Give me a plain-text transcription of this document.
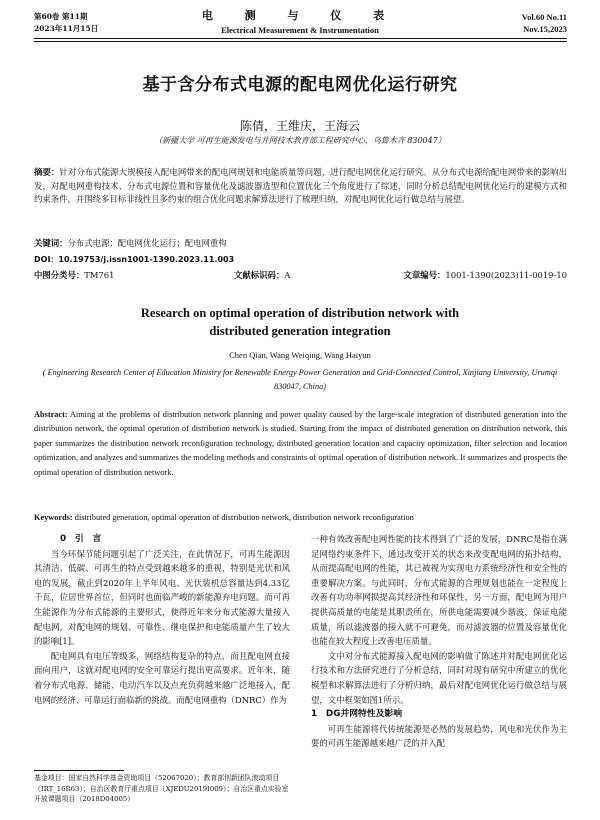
第60卷 第11期
2023年11月15日
电 测 与 仪 表
Electrical Measurement & Instrumentation
Vol.60 No.11
Nov.15,2023
基于含分布式电源的配电网优化运行研究
陈倩，王维庆，王海云
（新疆大学 可再生能源发电与并网技术教育部工程研究中心，乌鲁木齐 830047）
摘要：针对分布式能源大规模接入配电网带来的配电网规划和电能质量等问题，进行配电网优化运行研究。从分布式电源给配电网带来的影响出发，对配电网重构技术、分布式电源位置和容量优化及滤波器选型和位置优化三个角度进行了综述，同时分析总结配电网优化运行的建模方式和约束条件，并围绕多目标非线性且多约束的组合优化问题求解算法进行了梳理归纳，对配电网优化运行做总结与展望。
关键词：分布式电源；配电网优化运行；配电网重构
DOI：10.19753/j.issn1001-1390.2023.11.003
中图分类号：TM761	文献标识码：A	文章编号：1001-1390(2023)11-0019-10
Research on optimal operation of distribution network with
distributed generation integration
Chen Qian, Wang Weiqing, Wang Haiyun
( Engineering Research Center of Education Ministry for Renewable Energy Power Generation and Grid-Connected Control, Xinjiang University, Urumqi 830047, China)
Abstract: Aiming at the problems of distribution network planning and power quality caused by the large-scale integration of distributed generation into the distribution network, the optimal operation of distribution network is studied. Starting from the impact of distributed generation on distribution network, this paper summarizes the distribution network reconfiguration technology, distributed generation location and capacity optimization, filter selection and location optimization, and analyzes and summarizes the modeling methods and constraints of optimal operation of distribution network. It summarizes and prospects the optimal operation of distribution network.
Keywords: distributed generation, optimal operation of distribution network, distribution network reconfiguration
0　引　言

当今环保节能问题引起了广泛关注，在此情况下，可再生能源因其清洁、低碳、可再生的特点受到越来越多的重视，特别是光伏和风电的发展，截止到2020年上半年风电、光伏装机总容量达到4.33亿千瓦，位居世界首位，但同时也面临严峻的新能源弃电问题。而可再生能源作为分布式能源的主要形式，使得近年来分布式能源大量接入配电网，对配电网的规划、可靠性、继电保护和电能质量产生了较大的影响[1]。

配电网具有电压等级多，网络结构复杂的特点，而且配电网直接面向用户，这就对配电网的安全可靠运行提出更高要求。近年来，随着分布式电源、储能、电动汽车以及点充负荷越来越广泛地接入，配电网的经济、可靠运行面临新的挑战。而配电网重构（DNRC）作为

一种有效改善配电网性能的技术得到了广泛的发展，DNRC是指在满足网络约束条件下，通过改变开关的状态来改变配电网的拓扑结构，从而提高配电网的性能，其已被视为实现电力系统经济性和安全性的重要解决方案。与此同时，分布式能源的合理规划也能在一定程度上改善有功功率网损提高其经济性和环保性，另一方面，配电网为用户提供高质量的电能是其职责所在，所供电能需要减少谐波，保证电能质量，所以滤波器的接入就不可避免，而对滤波器的位置及容量优化也能在较大程度上改善电压质量。

文中对分布式能源接入配电网的影响做了陈述并对配电网优化运行技术和方法研究进行了分析总结，同时对现有研究中所建立的优化模型和求解算法进行了分析归纳，最后对配电网优化运行做总结与展望，文中框架如图1所示。

1　DG并网特性及影响

可再生能源将代传统能源是必然的发展趋势，风电和光伏作为主要的可再生能源越来越广泛的并入配

基金项目：国家自然科学基金资助项目（52067020）；教育部创新团队滚动项目（IRT_16R63）；自治区教育厅重点项目（XJEDU2019I009）；自治区重点实验室开放课题项目（2018D04005）
